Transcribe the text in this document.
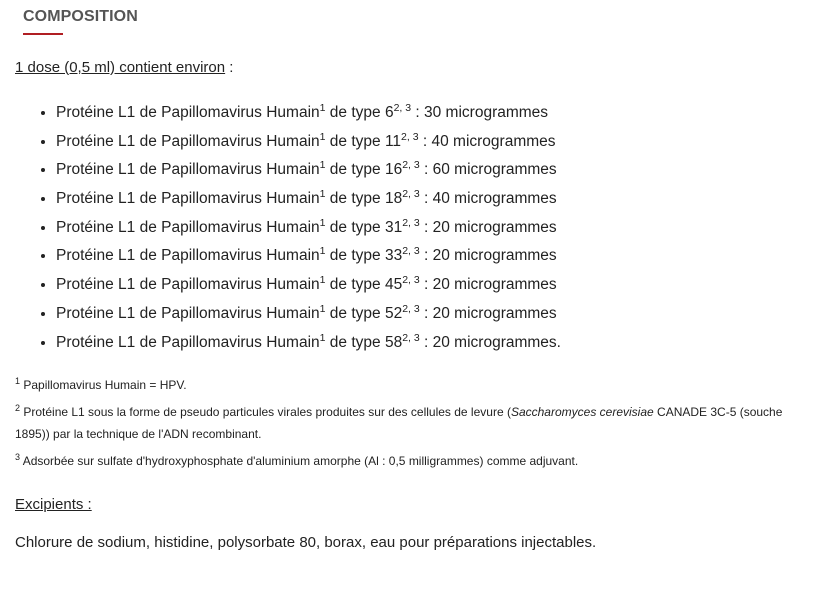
COMPOSITION
1 dose (0,5 ml) contient environ :
• Protéine L1 de Papillomavirus Humain$^1$ de type 6$^{2, 3}$ : 30 microgrammes
• Protéine L1 de Papillomavirus Humain$^1$ de type 11$^{2, 3}$ : 40 microgrammes
• Protéine L1 de Papillomavirus Humain$^1$ de type 16$^{2, 3}$ : 60 microgrammes
• Protéine L1 de Papillomavirus Humain$^1$ de type 18$^{2, 3}$ : 40 microgrammes
• Protéine L1 de Papillomavirus Humain$^1$ de type 31$^{2, 3}$ : 20 microgrammes
• Protéine L1 de Papillomavirus Humain$^1$ de type 33$^{2, 3}$ : 20 microgrammes
• Protéine L1 de Papillomavirus Humain$^1$ de type 45$^{2, 3}$ : 20 microgrammes
• Protéine L1 de Papillomavirus Humain$^1$ de type 52$^{2, 3}$ : 20 microgrammes
• Protéine L1 de Papillomavirus Humain$^1$ de type 58$^{2, 3}$ : 20 microgrammes.
$^1$ Papillomavirus Humain = HPV.
$^2$ Protéine L1 sous la forme de pseudo particules virales produites sur des cellules de levure (Saccharomyces cerevisiae CANADE 3C-5 (souche 1895)) par la technique de l'ADN recombinant.
$^3$ Adsorbée sur sulfate d'hydroxyphosphate d'aluminium amorphe (Al : 0,5 milligrammes) comme adjuvant.
Excipients :
Chlorure de sodium, histidine, polysorbate 80, borax, eau pour préparations injectables.
